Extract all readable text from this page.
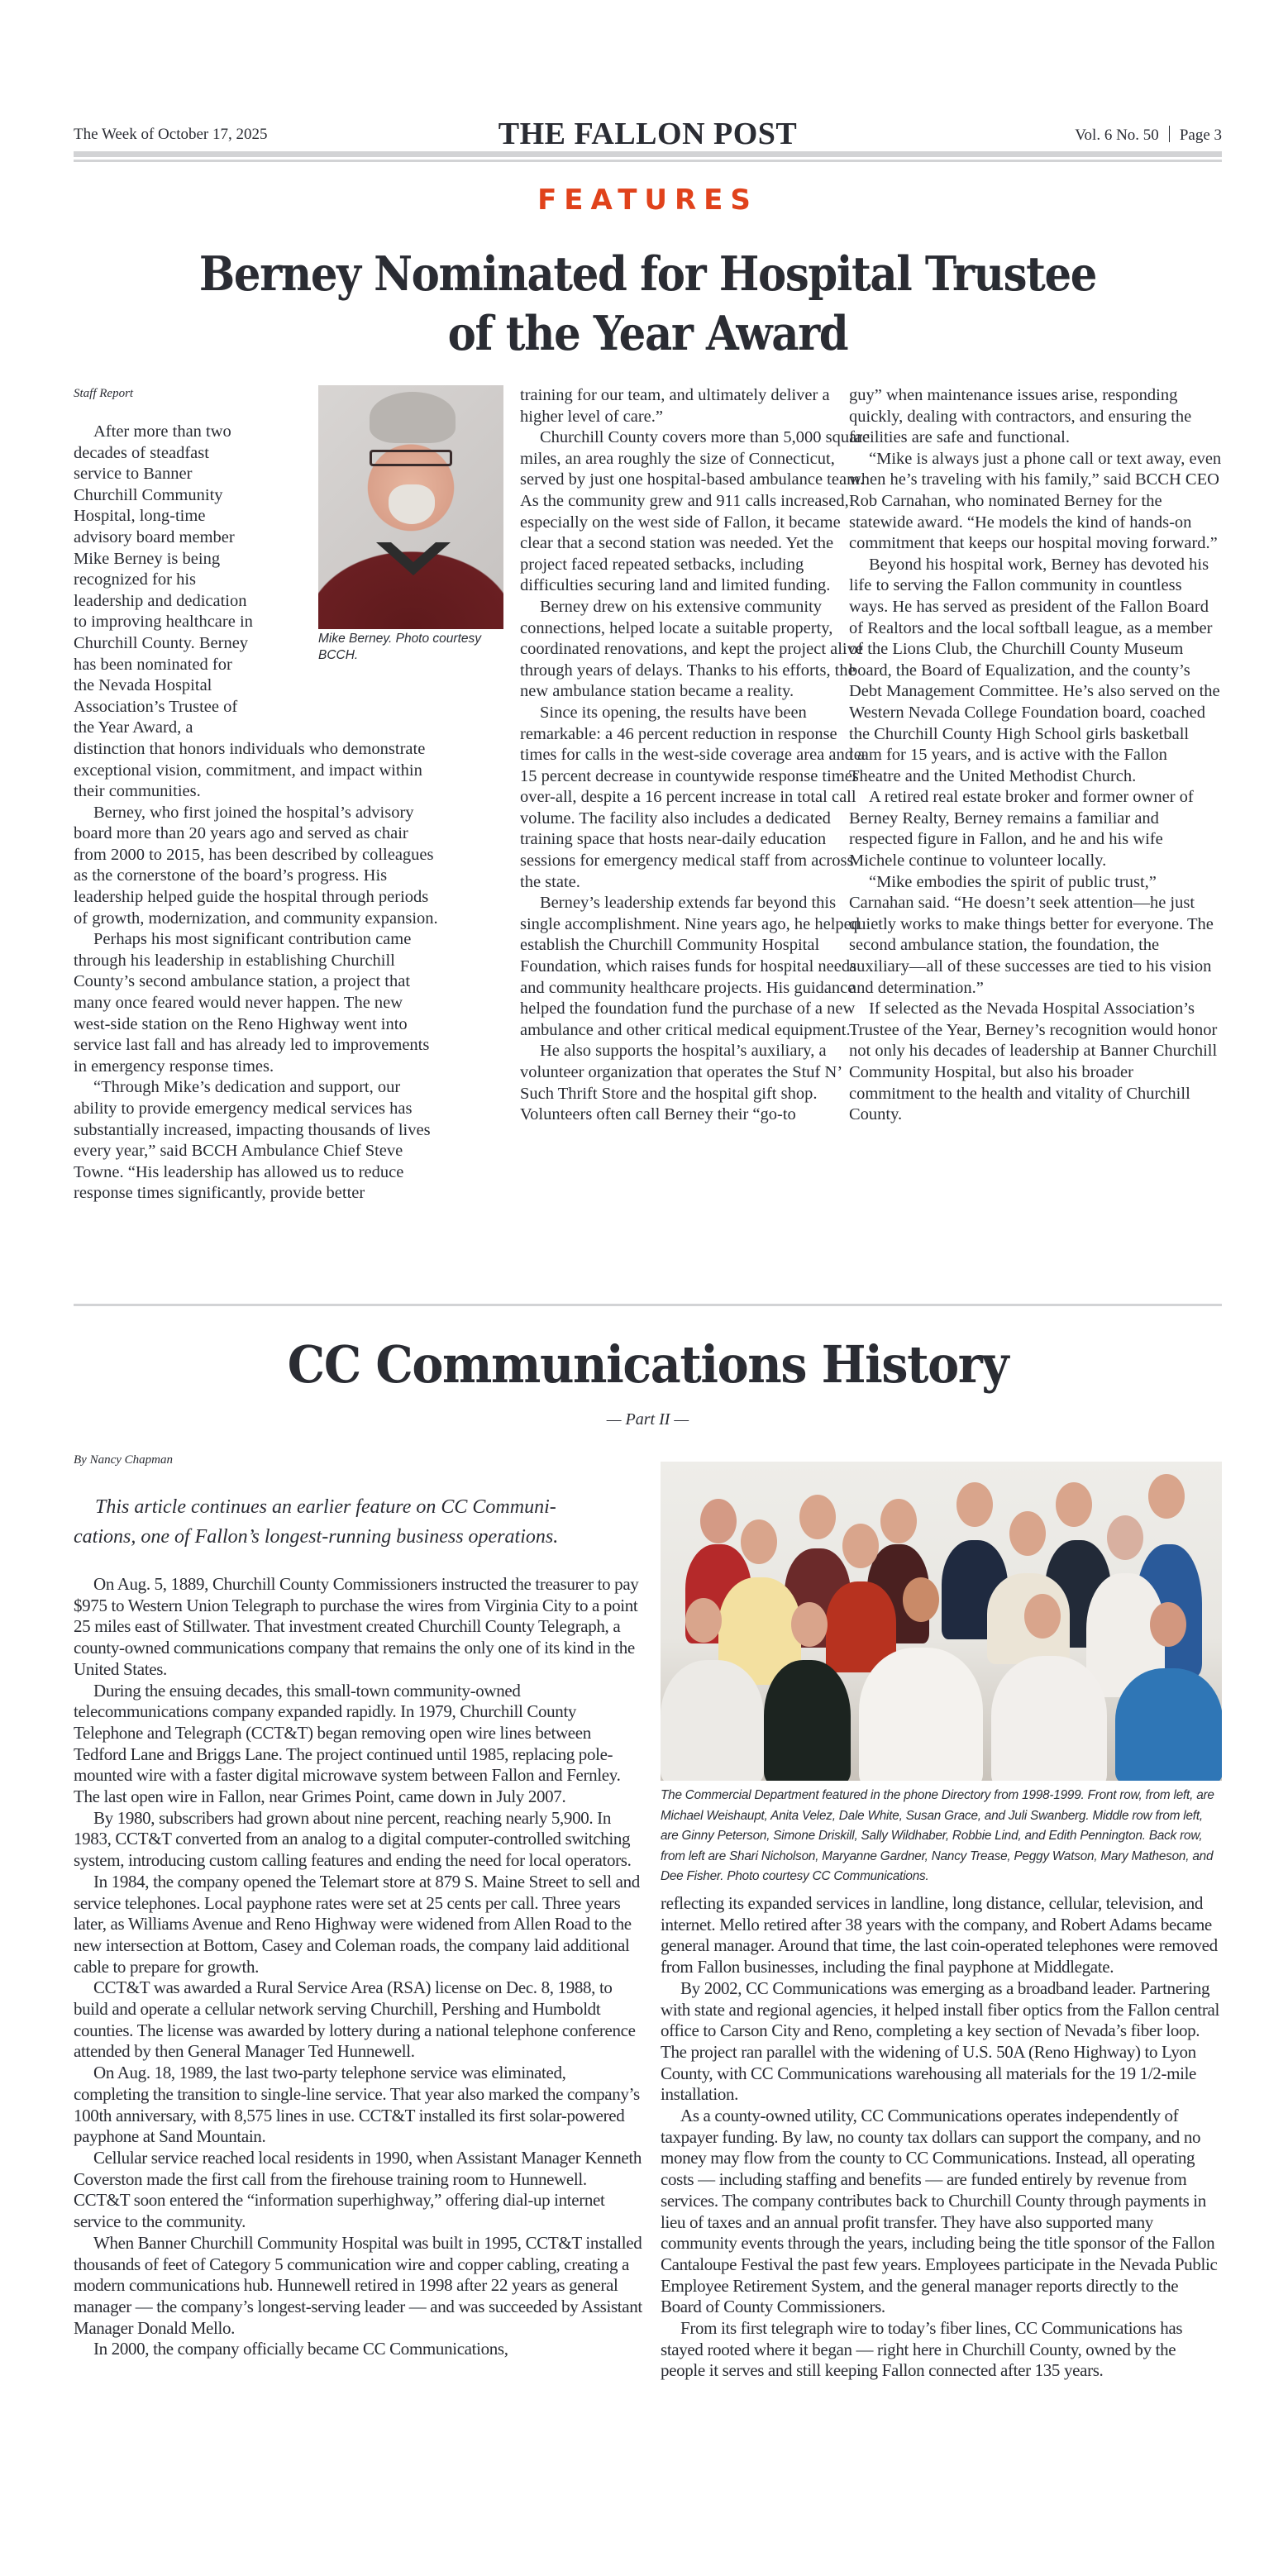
The Week of October 17, 2025	THE FALLON POST	Vol. 6 No. 50 Page 3
FEATURES
Berney Nominated for Hospital Trustee
of the Year Award
Staff Report
Mike Berney. Photo courtesy BCCH.

After more than two decades of steadfast service to Banner Churchill Community Hospital, long-time advisory board member Mike Berney is being recognized for his leadership and dedication to improving healthcare in Churchill County. Berney has been nominated for the Nevada Hospital Association’s Trustee of the Year Award, a distinction that honors individuals who demonstrate exceptional vision, commitment, and impact within their communities.

Berney, who first joined the hospital’s advisory board more than 20 years ago and served as chair from 2000 to 2015, has been described by colleagues as the cornerstone of the board’s progress. His leadership helped guide the hospital through periods of growth, modernization, and community expansion.

Perhaps his most significant contribution came through his leadership in establishing Churchill County’s second ambulance station, a project that many once feared would never happen. The new west-side station on the Reno Highway went into service last fall and has already led to improvements in emergency response times.

“Through Mike’s dedication and support, our ability to provide emergency medical services has substantially increased, impacting thousands of lives every year,” said BCCH Ambulance Chief Steve Towne. “His leadership has allowed us to reduce response times significantly, provide better

training for our team, and ultimately deliver a higher level of care.”

Churchill County covers more than 5,000 square miles, an area roughly the size of Connecticut, served by just one hospital-based ambulance team. As the community grew and 911 calls increased, especially on the west side of Fallon, it became clear that a second station was needed. Yet the project faced repeated setbacks, including difficulties securing land and limited funding.

Berney drew on his extensive community connections, helped locate a suitable property, coordinated renovations, and kept the project alive through years of delays. Thanks to his efforts, the new ambulance station became a reality.

Since its opening, the results have been remarkable: a 46 percent reduction in response times for calls in the west-side coverage area and a 15 percent decrease in countywide response times over-all, despite a 16 percent increase in total call volume. The facility also includes a dedicated training space that hosts near-daily education sessions for emergency medical staff from across the state.

Berney’s leadership extends far beyond this single accomplishment. Nine years ago, he helped establish the Churchill Community Hospital Foundation, which raises funds for hospital needs and community healthcare projects. His guidance helped the foundation fund the purchase of a new ambulance and other critical medical equipment.

He also supports the hospital’s auxiliary, a volunteer organization that operates the Stuf N’ Such Thrift Store and the hospital gift shop. Volunteers often call Berney their “go-to

guy” when maintenance issues arise, responding quickly, dealing with contractors, and ensuring the facilities are safe and functional.

“Mike is always just a phone call or text away, even when he’s traveling with his family,” said BCCH CEO Rob Carnahan, who nominated Berney for the statewide award. “He models the kind of hands-on commitment that keeps our hospital moving forward.”

Beyond his hospital work, Berney has devoted his life to serving the Fallon community in countless ways. He has served as president of the Fallon Board of Realtors and the local softball league, as a member of the Lions Club, the Churchill County Museum board, the Board of Equalization, and the county’s Debt Management Committee. He’s also served on the Western Nevada College Foundation board, coached the Churchill County High School girls basketball team for 15 years, and is active with the Fallon Theatre and the United Methodist Church.

A retired real estate broker and former owner of Berney Realty, Berney remains a familiar and respected figure in Fallon, and he and his wife Michele continue to volunteer locally.

“Mike embodies the spirit of public trust,” Carnahan said. “He doesn’t seek attention—he just quietly works to make things better for everyone. The second ambulance station, the foundation, the auxiliary—all of these successes are tied to his vision and determination.”

If selected as the Nevada Hospital Association’s Trustee of the Year, Berney’s recognition would honor not only his decades of leadership at Banner Churchill Community Hospital, but also his broader commitment to the health and vitality of Churchill County.

CC Communications History
— Part II —
By Nancy Chapman
This article continues an earlier feature on CC Communi-
cations, one of Fallon’s longest-running business operations.

On Aug. 5, 1889, Churchill County Commissioners instructed the treasurer to pay $975 to Western Union Telegraph to purchase the wires from Virginia City to a point 25 miles east of Stillwater. That investment created Churchill County Telegraph, a county-owned communications company that remains the only one of its kind in the United States.

During the ensuing decades, this small-town community-owned telecommunications company expanded rapidly. In 1979, Churchill County Telephone and Telegraph (CCT&T) began removing open wire lines between Tedford Lane and Briggs Lane. The project continued until 1985, replacing pole-mounted wire with a faster digital microwave system between Fallon and Fernley. The last open wire in Fallon, near Grimes Point, came down in July 2007.

By 1980, subscribers had grown about nine percent, reaching nearly 5,900. In 1983, CCT&T converted from an analog to a digital computer-controlled switching system, introducing custom calling features and ending the need for local operators.

In 1984, the company opened the Telemart store at 879 S. Maine Street to sell and service telephones. Local payphone rates were set at 25 cents per call. Three years later, as Williams Avenue and Reno Highway were widened from Allen Road to the new intersection at Bottom, Casey and Coleman roads, the company laid additional cable to prepare for growth.

CCT&T was awarded a Rural Service Area (RSA) license on Dec. 8, 1988, to build and operate a cellular network serving Churchill, Pershing and Humboldt counties. The license was awarded by lottery during a national telephone conference attended by then General Manager Ted Hunnewell.

On Aug. 18, 1989, the last two-party telephone service was eliminated, completing the transition to single-line service. That year also marked the company’s 100th anniversary, with 8,575 lines in use. CCT&T installed its first solar-powered payphone at Sand Mountain.

Cellular service reached local residents in 1990, when Assistant Manager Kenneth Coverston made the first call from the firehouse training room to Hunnewell. CCT&T soon entered the “information superhighway,” offering dial-up internet service to the community.

When Banner Churchill Community Hospital was built in 1995, CCT&T installed thousands of feet of Category 5 communication wire and copper cabling, creating a modern communications hub. Hunnewell retired in 1998 after 22 years as general manager — the company’s longest-serving leader — and was succeeded by Assistant Manager Donald Mello.

In 2000, the company officially became CC Communications,

The Commercial Department featured in the phone Directory from 1998-1999. Front row, from left, are Michael Weishaupt, Anita Velez, Dale White, Susan Grace, and Juli Swanberg. Middle row from left, are Ginny Peterson, Simone Driskill, Sally Wildhaber, Robbie Lind, and Edith Pennington. Back row, from left are Shari Nicholson, Maryanne Gardner, Nancy Trease, Peggy Watson, Mary Matheson, and Dee Fisher. Photo courtesy CC Communications.

reflecting its expanded services in landline, long distance, cellular, television, and internet. Mello retired after 38 years with the company, and Robert Adams became general manager. Around that time, the last coin-operated telephones were removed from Fallon businesses, including the final payphone at Middlegate.

By 2002, CC Communications was emerging as a broadband leader. Partnering with state and regional agencies, it helped install fiber optics from the Fallon central office to Carson City and Reno, completing a key section of Nevada’s fiber loop. The project ran parallel with the widening of U.S. 50A (Reno Highway) to Lyon County, with CC Communications warehousing all materials for the 19 1/2-mile installation.

As a county-owned utility, CC Communications operates independently of taxpayer funding. By law, no county tax dollars can support the company, and no money may flow from the county to CC Communications. Instead, all operating costs — including staffing and benefits — are funded entirely by revenue from services. The company contributes back to Churchill County through payments in lieu of taxes and an annual profit transfer. They have also supported many community events through the years, including being the title sponsor of the Fallon Cantaloupe Festival the past few years. Employees participate in the Nevada Public Employee Retirement System, and the general manager reports directly to the Board of County Commissioners.

From its first telegraph wire to today’s fiber lines, CC Communications has stayed rooted where it began — right here in Churchill County, owned by the people it serves and still keeping Fallon connected after 135 years.
